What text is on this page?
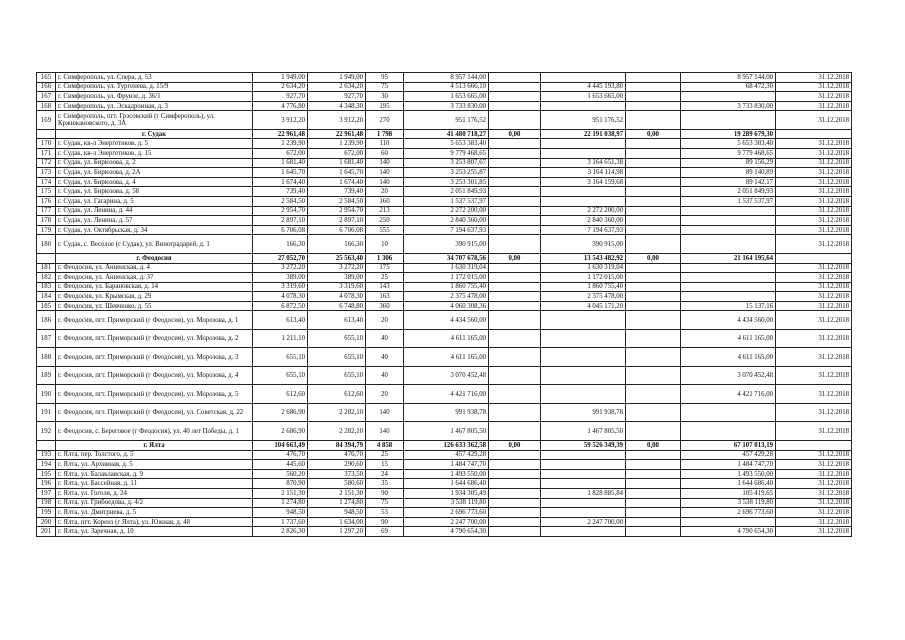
165	г. Симферополь, ул. Спера, д. 53	1 949,00	1 949,00	95	8 957 144,00				8 957 144,00	31.12.2018
166	г. Симферополь, ул. Тургенева, д. 15/9	2 634,20	2 634,20	75	4 513 666,10		4 445 193,80		68 472,30	31.12.2018
167	г. Симферополь, ул. Фрунзе, д. 36/1	927,70	927,70	30	1 653 665,00		1 653 665,00			31.12.2018
168	г. Симферополь, ул. Эскадронная, д. 3	4 776,80	4 348,30	195	3 733 830,00				3 733 830,00	31.12.2018
169	г. Симферополь, пгт. Грэсовский (г Симферополь), ул. Кржижановского, д. 3А	3 912,20	3 912,20	270	951 176,52		951 176,52			31.12.2018
	г. Судак	22 961,48	22 961,48	1 798	41 480 718,27	0,00	22 191 038,97	0,00	19 289 679,30	
170	г. Судак, кв-л Энергетиков, д. 5	1 239,90	1 239,90	110	5 653 383,40				5 653 383,40	31.12.2018
171	г. Судак, кв-л Энергетиков, д. 15	672,00	672,00	60	9 779 468,65				9 779 468,65	31.12.2018
172	г. Судак, ул. Бирюзова, д. 2	1 681,40	1 681,40	140	3 253 807,67		3 164 651,38		89 156,29	31.12.2018
173	г. Судак, ул. Бирюзова, д. 2А	1 645,70	1 645,70	140	3 253 255,87		3 164 114,98		89 140,89	31.12.2018
174	г. Судак, ул. Бирюзова, д. 4	1 674,40	1 674,40	140	3 253 301,85		3 164 159,68		89 142,17	31.12.2018
175	г. Судак, ул. Бирюзова, д. 58	739,40	739,40	20	2 051 849,93				2 051 849,93	31.12.2018
176	г. Судак, ул. Гагарина, д. 5	2 584,50	2 584,50	160	1 537 537,97				1 537 537,97	31.12.2018
177	г. Судак, ул. Ленина, д. 44	2 954,70	2 954,70	213	2 272 200,00		2 272 200,00			31.12.2018
178	г. Судак, ул. Ленина, д. 57	2 897,10	2 897,10	250	2 840 360,00		2 840 360,00			31.12.2018
179	г. Судак, ул. Октябрьская, д. 34	6 706,08	6 706,08	555	7 194 637,93		7 194 637,93			31.12.2018
180	г. Судак, с. Веселое (г Судак), ул. Виноградарей, д. 1	166,30	166,30	10	390 915,00		390 915,00			31.12.2018
	г. Феодосия	27 052,70	25 563,40	1 306	34 707 678,56	0,00	13 543 482,92	0,00	21 164 195,64	
181	г. Феодосия, ул. Анненская, д. 4	3 272,20	3 272,20	175	1 630 319,04		1 630 319,04			31.12.2018
182	г. Феодосия, ул. Анненская, д. 37	389,00	389,00	25	1 172 015,00		1 172 015,00			31.12.2018
183	г. Феодосия, ул. Барановская, д. 14	3 319,60	3 319,60	143	1 860 755,40		1 860 755,40			31.12.2018
184	г. Феодосия, ул. Крымская, д. 29	4 078,30	4 078,30	163	2 375 478,00		2 375 478,00			31.12.2018
185	г. Феодосия, ул. Шевченко, д. 55	6 872,50	6 748,80	360	4 060 308,36		4 045 171,20		15 137,16	31.12.2018
186	г. Феодосия, пгт. Приморский (г Феодосия), ул. Морозова, д. 1	613,40	613,40	20	4 434 560,00				4 434 560,00	31.12.2018
187	г. Феодосия, пгт. Приморский (г Феодосия), ул. Морозова, д. 2	1 211,10	655,10	40	4 611 165,00				4 611 165,00	31.12.2018
188	г. Феодосия, пгт. Приморский (г Феодосия), ул. Морозова, д. 3	655,10	655,10	40	4 611 165,00				4 611 165,00	31.12.2018
189	г. Феодосия, пгт. Приморский (г Феодосия), ул. Морозова, д. 4	655,10	655,10	40	3 070 452,48				3 070 452,48	31.12.2018
190	г. Феодосия, пгт. Приморский (г Феодосия), ул. Морозова, д. 5	612,60	612,60	20	4 421 716,00				4 421 716,00	31.12.2018
191	г. Феодосия, пгт. Приморский (г Феодосия), ул. Советская, д. 22	2 686,90	2 282,10	140	991 938,78		991 938,78			31.12.2018
192	г. Феодосия, с. Береговое (г Феодосия), ул. 40 лет Победы, д. 1	2 686,90	2 282,10	140	1 467 805,50		1 467 805,50			31.12.2018
	г. Ялта	104 663,49	84 394,79	4 858	126 633 362,58	0,00	59 526 349,39	0,00	67 107 013,19	
193	г. Ялта, пер. Толстого, д. 5	476,70	476,70	25	457 429,28				457 429,28	31.12.2018
194	г. Ялта, ул. Архивная, д. 5	445,60	290,60	15	1 484 747,70				1 484 747,70	31.12.2018
195	г. Ялта, ул. Балаклавская, д. 9	560,20	373,50	24	1 493 550,00				1 493 550,00	31.12.2018
196	г. Ялта, ул. Бассейная, д. 11	870,90	580,60	35	1 644 686,40				1 644 686,40	31.12.2018
197	г. Ялта, ул. Гоголя, д. 24	2 151,30	2 151,30	90	1 934 305,49		1 828 885,84		105 419,65	31.12.2018
198	г. Ялта, ул. Грибоедова, д. 4/2	1 274,80	1 274,80	75	3 538 119,80				3 538 119,80	31.12.2018
199	г. Ялта, ул. Дмитриева, д. 5	948,50	948,50	53	2 696 773,60				2 696 773,60	31.12.2018
200	г. Ялта, пгт. Кореиз (г Ялта), ул. Южная, д. 48	1 737,60	1 634,00	90	2 247 700,00		2 247 700,00			31.12.2018
201	г. Ялта, ул. Заречная, д. 10	2 826,30	1 297,20	69	4 790 654,30				4 790 654,30	31.12.2018
